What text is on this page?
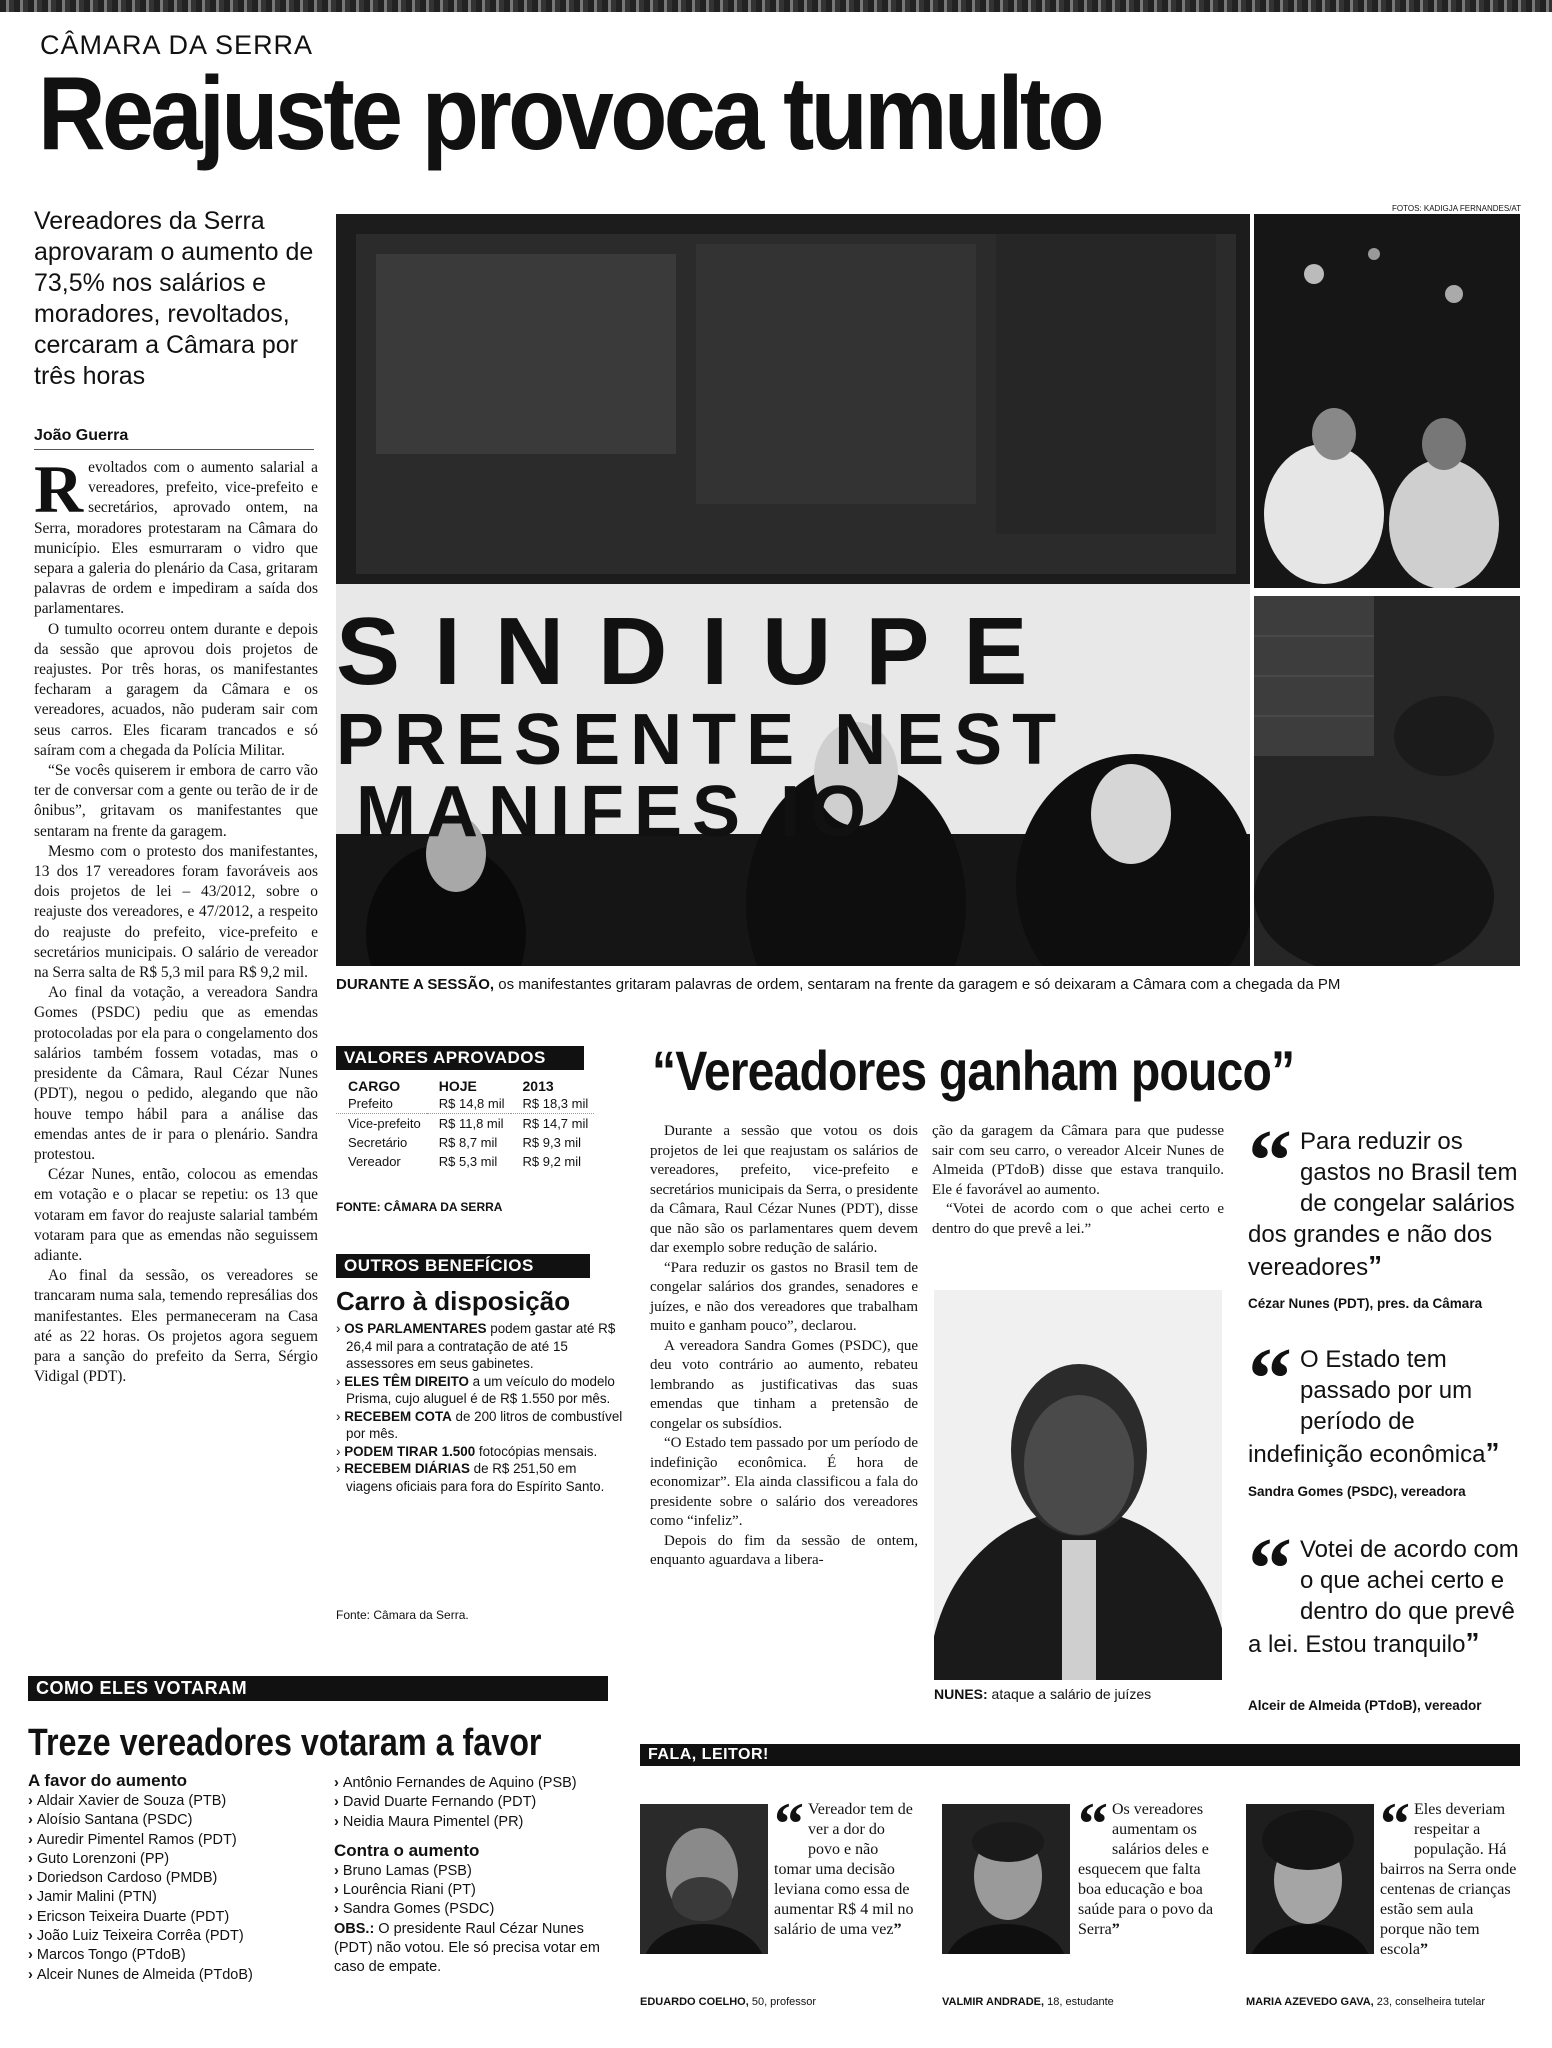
CÂMARA DA SERRA
Reajuste provoca tumulto
Vereadores da Serra aprovaram o aumento de 73,5% nos salários e moradores, revoltados, cercaram a Câmara por três horas
João Guerra

Revoltados com o aumento salarial a vereadores, prefeito, vice-prefeito e secretários, aprovado ontem, na Serra, moradores protestaram na Câmara do município. Eles esmurraram o vidro que separa a galeria do plenário da Casa, gritaram palavras de ordem e impediram a saída dos parlamentares.

O tumulto ocorreu ontem durante e depois da sessão que aprovou dois projetos de reajustes. Por três horas, os manifestantes fecharam a garagem da Câmara e os vereadores, acuados, não puderam sair com seus carros. Eles ficaram trancados e só saíram com a chegada da Polícia Militar.

“Se vocês quiserem ir embora de carro vão ter de conversar com a gente ou terão de ir de ônibus”, gritavam os manifestantes que sentaram na frente da garagem.

Mesmo com o protesto dos manifestantes, 13 dos 17 vereadores foram favoráveis aos dois projetos de lei – 43/2012, sobre o reajuste dos vereadores, e 47/2012, a respeito do reajuste do prefeito, vice-prefeito e secretários municipais. O salário de vereador na Serra salta de R$ 5,3 mil para R$ 9,2 mil.

Ao final da votação, a vereadora Sandra Gomes (PSDC) pediu que as emendas protocoladas por ela para o congelamento dos salários também fossem votadas, mas o presidente da Câmara, Raul Cézar Nunes (PDT), negou o pedido, alegando que não houve tempo hábil para a análise das emendas antes de ir para o plenário. Sandra protestou.

Cézar Nunes, então, colocou as emendas em votação e o placar se repetiu: os 13 que votaram em favor do reajuste salarial também votaram para que as emendas não seguissem adiante.

Ao final da sessão, os vereadores se trancaram numa sala, temendo represálias dos manifestantes. Eles permaneceram na Casa até as 22 horas. Os projetos agora seguem para a sanção do prefeito da Serra, Sérgio Vidigal (PDT).

FOTOS: KADIGJA FERNANDES/AT
SINDIUPE
PRESENTE NEST
MANIFES IO
DURANTE A SESSÃO, os manifestantes gritaram palavras de ordem, sentaram na frente da garagem e só deixaram a Câmara com a chegada da PM
VALORES APROVADOS
CARGO	HOJE	2013
Prefeito	R$ 14,8 mil	R$ 18,3 mil
Vice-prefeito	R$ 11,8 mil	R$ 14,7 mil
Secretário	R$ 8,7 mil	R$ 9,3 mil
Vereador	R$ 5,3 mil	R$ 9,2 mil
FONTE: CÂMARA DA SERRA
OUTROS BENEFÍCIOS
Carro à disposição
› OS PARLAMENTARES podem gastar até R$ 26,4 mil para a contratação de até 15 assessores em seus gabinetes.
› ELES TÊM DIREITO a um veículo do modelo Prisma, cujo aluguel é de R$ 1.550 por mês.
› RECEBEM COTA de 200 litros de combustível por mês.
› PODEM TIRAR 1.500 fotocópias mensais.
› RECEBEM DIÁRIAS de R$ 251,50 em viagens oficiais para fora do Espírito Santo.
Fonte: Câmara da Serra.
“Vereadores ganham pouco”

Durante a sessão que votou os dois projetos de lei que reajustam os salários de vereadores, prefeito, vice-prefeito e secretários municipais da Serra, o presidente da Câmara, Raul Cézar Nunes (PDT), disse que não são os parlamentares quem devem dar exemplo sobre redução de salário.

“Para reduzir os gastos no Brasil tem de congelar salários dos grandes, senadores e juízes, e não dos vereadores que trabalham muito e ganham pouco”, declarou.

A vereadora Sandra Gomes (PSDC), que deu voto contrário ao aumento, rebateu lembrando as justificativas das suas emendas que tinham a pretensão de congelar os subsídios.

“O Estado tem passado por um período de indefinição econômica. É hora de economizar”. Ela ainda classificou a fala do presidente sobre o salário dos vereadores como “infeliz”.

Depois do fim da sessão de ontem, enquanto aguardava a libera-

ção da garagem da Câmara para que pudesse sair com seu carro, o vereador Alceir Nunes de Almeida (PTdoB) disse que estava tranquilo. Ele é favorável ao aumento.

“Votei de acordo com o que achei certo e dentro do que prevê a lei.”

NUNES: ataque a salário de juízes
“ Para reduzir os gastos no Brasil tem de congelar salários dos grandes e não dos vereadores”
Cézar Nunes (PDT), pres. da Câmara
“ O Estado tem passado por um período de indefinição econômica”
Sandra Gomes (PSDC), vereadora
“ Votei de acordo com o que achei certo e dentro do que prevê a lei. Estou tranquilo”
Alceir de Almeida (PTdoB), vereador
COMO ELES VOTARAM
Treze vereadores votaram a favor
A favor do aumento
› Aldair Xavier de Souza (PTB)
› Aloísio Santana (PSDC)
› Auredir Pimentel Ramos (PDT)
› Guto Lorenzoni (PP)
› Doriedson Cardoso (PMDB)
› Jamir Malini (PTN)
› Ericson Teixeira Duarte (PDT)
› João Luiz Teixeira Corrêa (PDT)
› Marcos Tongo (PTdoB)
› Alceir Nunes de Almeida (PTdoB)
› Antônio Fernandes de Aquino (PSB)
› David Duarte Fernando (PDT)
› Neidia Maura Pimentel (PR)
Contra o aumento
› Bruno Lamas (PSB)
› Lourência Riani (PT)
› Sandra Gomes (PSDC)
OBS.: O presidente Raul Cézar Nunes (PDT) não votou. Ele só precisa votar em caso de empate.
FALA, LEITOR!
“ Vereador tem de ver a dor do povo e não tomar uma decisão leviana como essa de aumentar R$ 4 mil no salário de uma vez”
EDUARDO COELHO, 50, professor
“ Os vereadores aumentam os salários deles e esquecem que falta boa educação e boa saúde para o povo da Serra”
VALMIR ANDRADE, 18, estudante
“ Eles deveriam respeitar a população. Há bairros na Serra onde centenas de crianças estão sem aula porque não tem escola”
MARIA AZEVEDO GAVA, 23, conselheira tutelar
